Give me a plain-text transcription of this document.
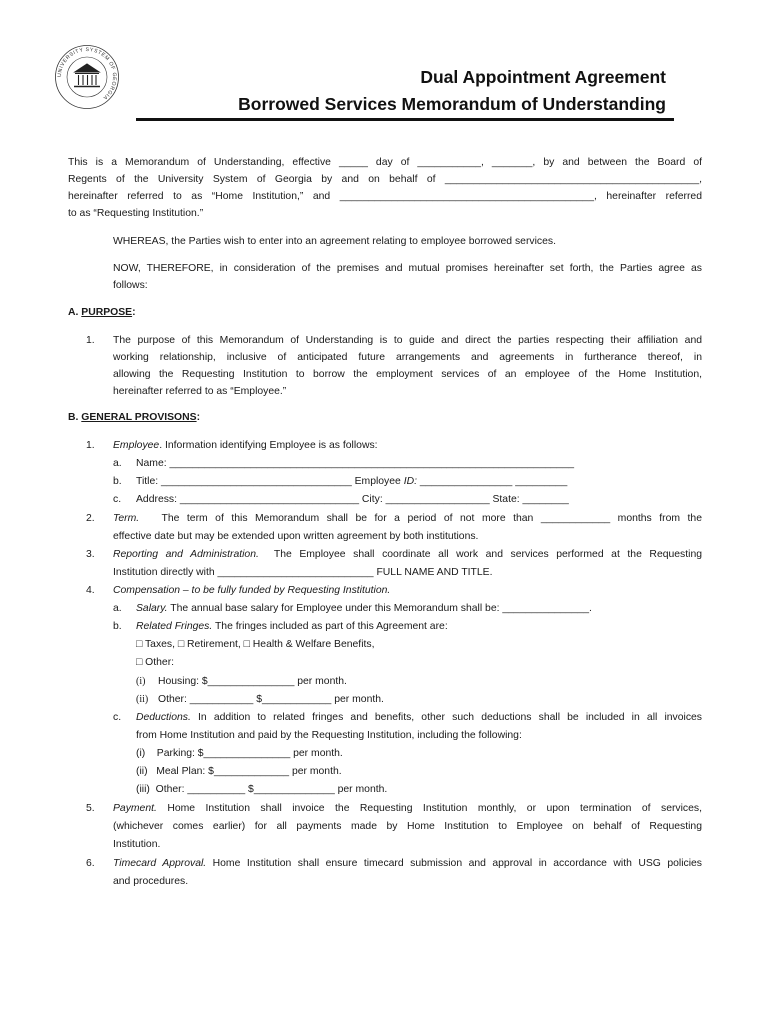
UNIVERSITY SYSTEM OF GEORGIA
Dual Appointment Agreement
Borrowed Services Memorandum of Understanding
This is a Memorandum of Understanding, effective _____ day of ___________, _______, by and between the Board of
Regents of the University System of Georgia by and on behalf of ____________________________________________,
hereinafter referred to as “Home Institution,” and ____________________________________________, hereinafter referred
to as “Requesting Institution.”
WHEREAS, the Parties wish to enter into an agreement relating to employee borrowed services.
NOW, THEREFORE, in consideration of the premises and mutual promises hereinafter set forth, the Parties agree as
follows:
A. PURPOSE:
1. The purpose of this Memorandum of Understanding is to guide and direct the parties respecting their affiliation and
working relationship, inclusive of anticipated future arrangements and agreements in furtherance thereof, in
allowing the Requesting Institution to borrow the employment services of an employee of the Home Institution,
hereinafter referred to as “Employee.”
B. GENERAL PROVISONS:
1. Employee. Information identifying Employee is as follows:
a. Name: ______________________________________________________________________
b. Title: _________________________________ Employee ID: ________________ _________
c. Address: _______________________________ City: __________________ State: ________
2. Term. The term of this Memorandum shall be for a period of not more than ____________ months from the
effective date but may be extended upon written agreement by both institutions.
3. Reporting and Administration. The Employee shall coordinate all work and services performed at the Requesting
Institution directly with ___________________________ FULL NAME AND TITLE.
4. Compensation – to be fully funded by Requesting Institution.
a. Salary. The annual base salary for Employee under this Memorandum shall be: _______________.
b. Related Fringes. The fringes included as part of this Agreement are:
□ Taxes, □ Retirement, □ Health & Welfare Benefits,
□ Other:
(i) Housing: $_______________ per month.
(ii) Other: ___________ $____________ per month.
c. Deductions. In addition to related fringes and benefits, other such deductions shall be included in all invoices
from Home Institution and paid by the Requesting Institution, including the following:
(i)    Parking: $_______________ per month.
(ii)   Meal Plan: $_____________ per month.
(iii)  Other: __________ $______________ per month.
5. Payment. Home Institution shall invoice the Requesting Institution monthly, or upon termination of services,
(whichever comes earlier) for all payments made by Home Institution to Employee on behalf of Requesting
Institution.
6. Timecard Approval. Home Institution shall ensure timecard submission and approval in accordance with USG policies
and procedures.
